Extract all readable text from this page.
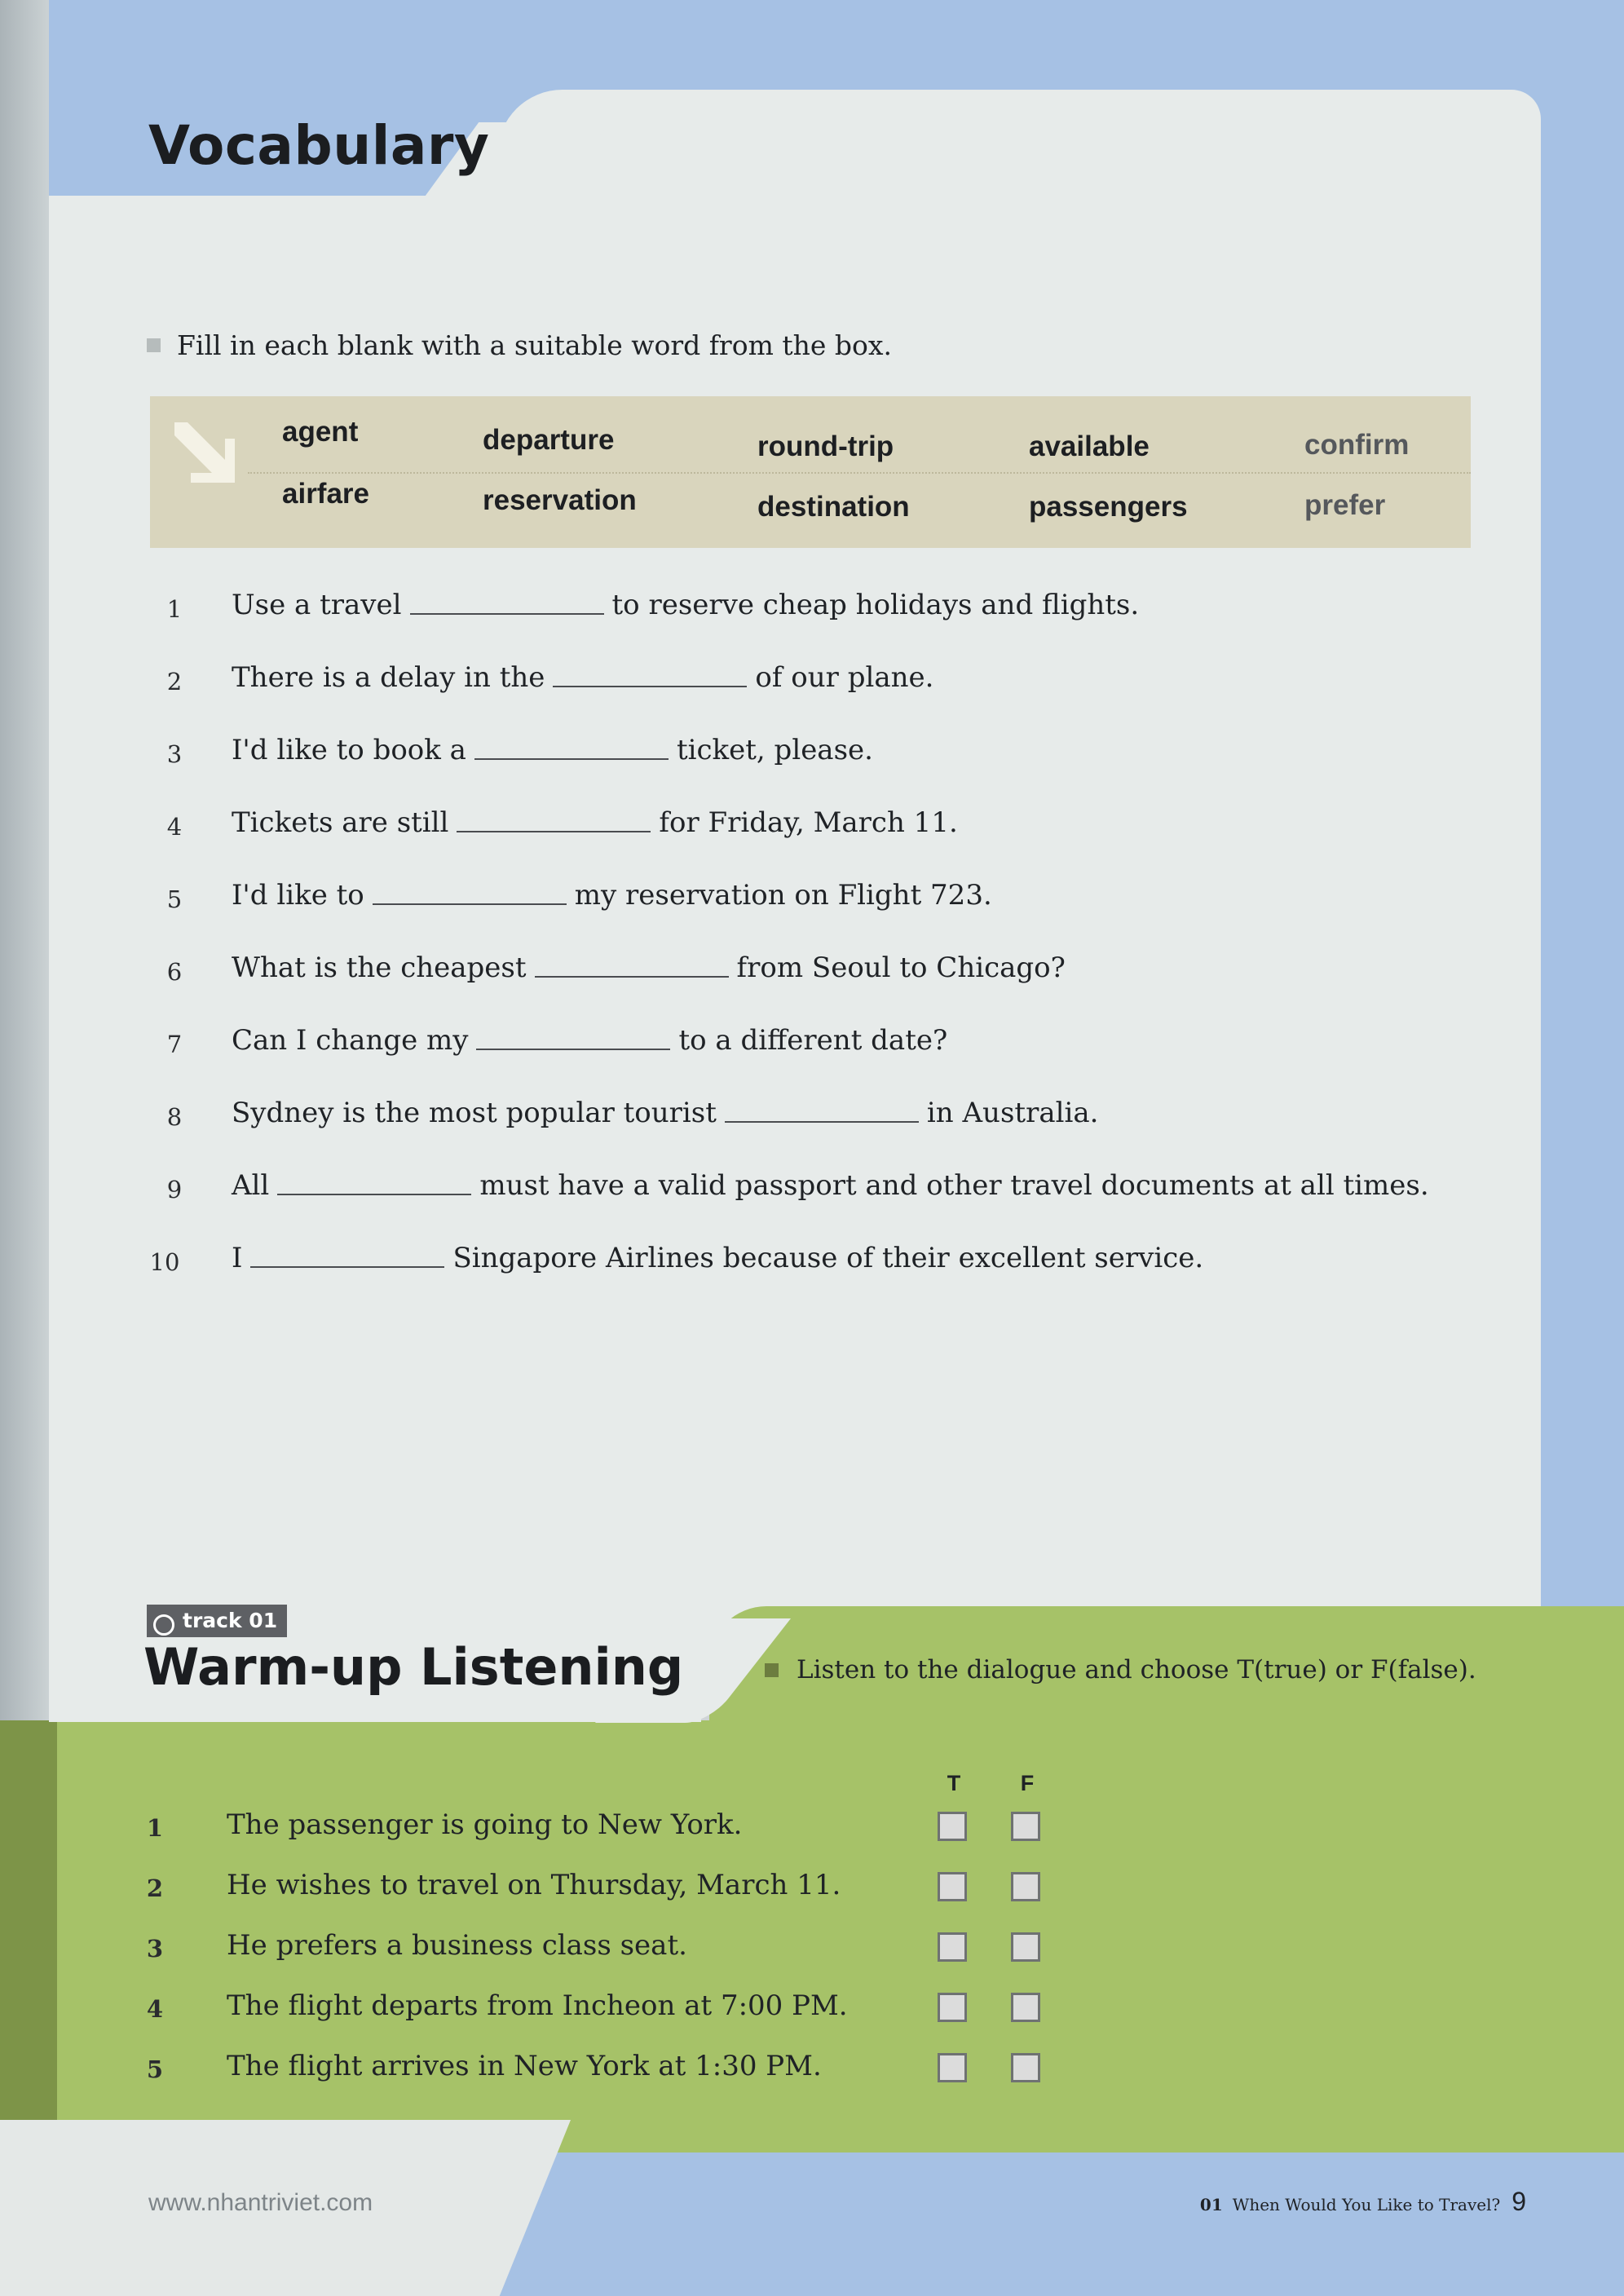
Vocabulary
Fill in each blank with a suitable word from the box.
agent	departure	round-trip	available	confirm
airfare	reservation	destination	passengers	prefer
1	Use a travel	to reserve cheap holidays and flights.
2	There is a delay in the	of our plane.
3	I'd like to book a	ticket, please.
4	Tickets are still	for Friday, March 11.
5	I'd like to	my reservation on Flight 723.
6	What is the cheapest	from Seoul to Chicago?
7	Can I change my	to a different date?
8	Sydney is the most popular tourist	in Australia.
9	All	must have a valid passport and other travel documents at all times.
10	I	Singapore Airlines because of their excellent service.
track 01
Warm-up Listening	Listen to the dialogue and choose T(true) or F(false).
T	F
1 The passenger is going to New York.
2 He wishes to travel on Thursday, March 11.
3 He prefers a business class seat.
4 The flight departs from Incheon at 7:00 PM.
5 The flight arrives in New York at 1:30 PM.
www.nhantriviet.com	01 When Would You Like to Travel? 9
